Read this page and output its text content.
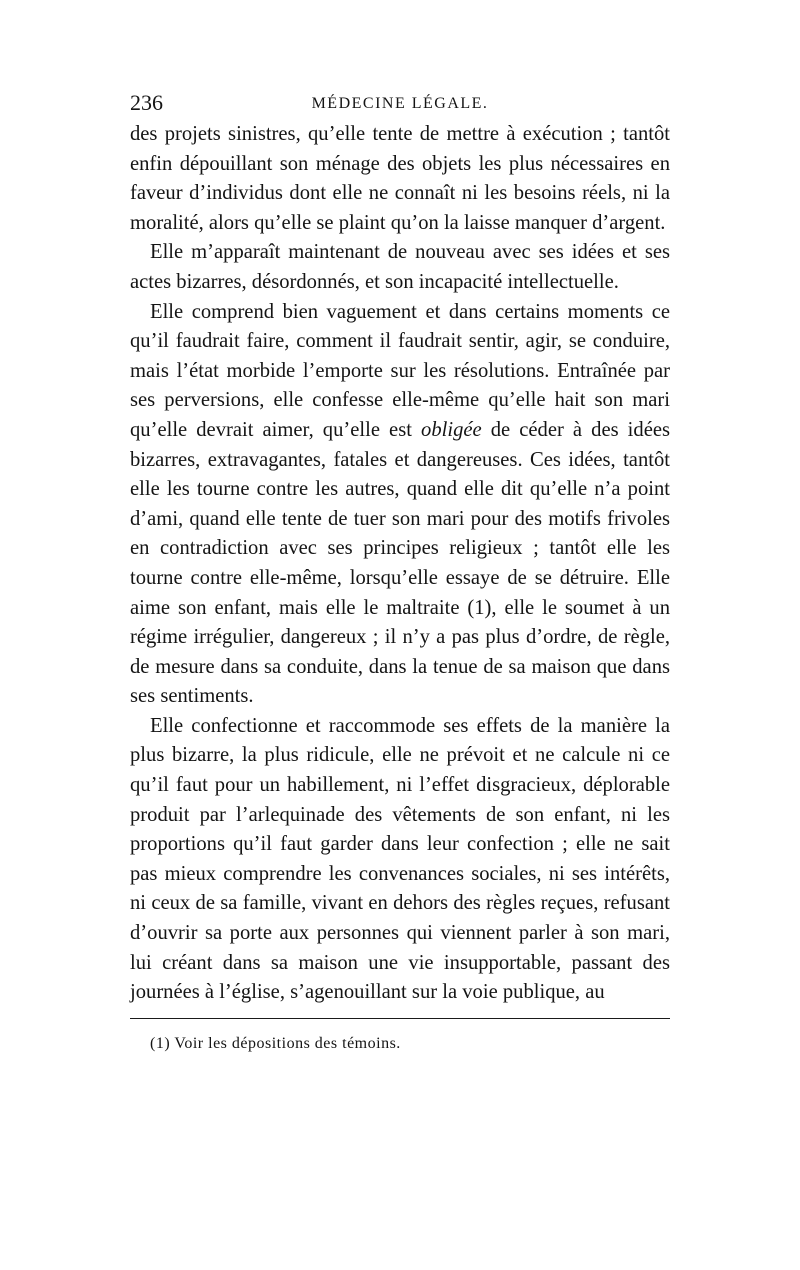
236	MÉDECINE LÉGALE.

des projets sinistres, qu’elle tente de mettre à exécution ; tantôt enfin dépouillant son ménage des objets les plus nécessaires en faveur d’individus dont elle ne connaît ni les besoins réels, ni la moralité, alors qu’elle se plaint qu’on la laisse manquer d’argent.

Elle m’apparaît maintenant de nouveau avec ses idées et ses actes bizarres, désordonnés, et son incapacité intellectuelle.

Elle comprend bien vaguement et dans certains moments ce qu’il faudrait faire, comment il faudrait sentir, agir, se conduire, mais l’état morbide l’emporte sur les résolutions. Entraînée par ses perversions, elle confesse elle-même qu’elle hait son mari qu’elle devrait aimer, qu’elle est obligée de céder à des idées bizarres, extravagantes, fatales et dangereuses. Ces idées, tantôt elle les tourne contre les autres, quand elle dit qu’elle n’a point d’ami, quand elle tente de tuer son mari pour des motifs frivoles en contradiction avec ses principes religieux ; tantôt elle les tourne contre elle-même, lorsqu’elle essaye de se détruire. Elle aime son enfant, mais elle le maltraite (1), elle le soumet à un régime irrégulier, dangereux ; il n’y a pas plus d’ordre, de règle, de mesure dans sa conduite, dans la tenue de sa maison que dans ses sentiments.

Elle confectionne et raccommode ses effets de la manière la plus bizarre, la plus ridicule, elle ne prévoit et ne calcule ni ce qu’il faut pour un habillement, ni l’effet disgracieux, déplorable produit par l’arlequinade des vêtements de son enfant, ni les proportions qu’il faut garder dans leur confection ; elle ne sait pas mieux comprendre les convenances sociales, ni ses intérêts, ni ceux de sa famille, vivant en dehors des règles reçues, refusant d’ouvrir sa porte aux personnes qui viennent parler à son mari, lui créant dans sa maison une vie insupportable, passant des journées à l’église, s’agenouillant sur la voie publique, au

(1) Voir les dépositions des témoins.
